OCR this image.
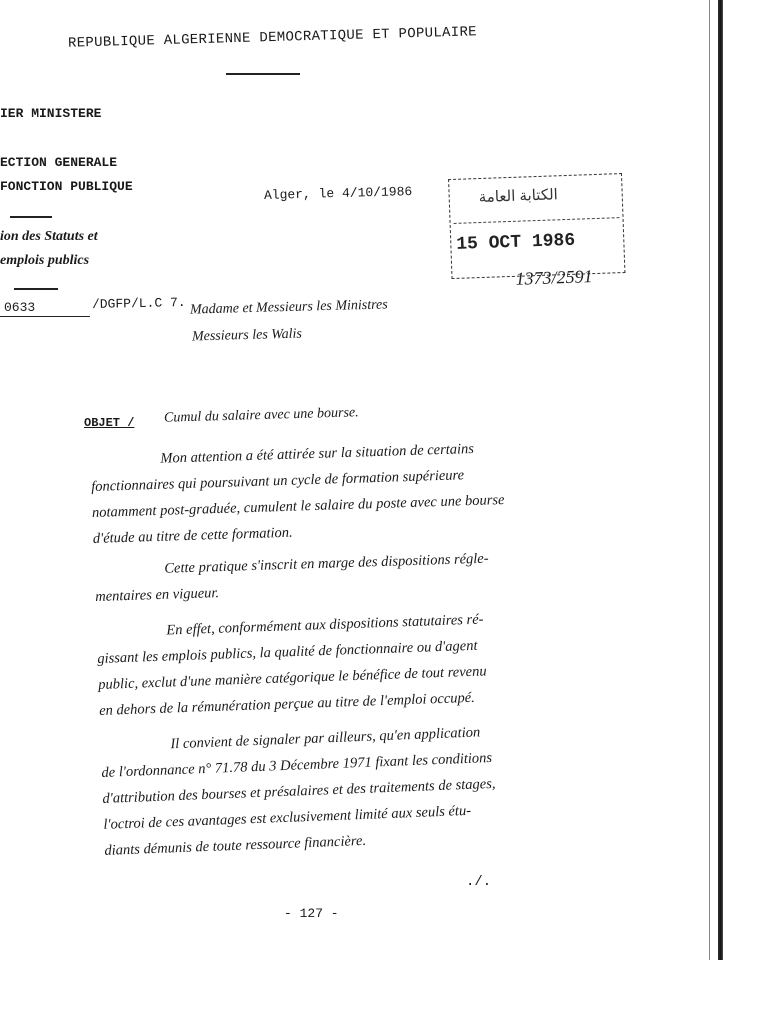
REPUBLIQUE ALGERIENNE DEMOCRATIQUE ET POPULAIRE
IER MINISTERE
ECTION GENERALE
FONCTION PUBLIQUE
ion des Statuts et
emplois publics
0633	/DGFP/L.C 7.
Alger, le 4/10/1986	الكتابة العامة
15 OCT 1986
1373/2591
Madame et Messieurs les Ministres
Messieurs les Walis
OBJET / Cumul du salaire avec une bourse.
Mon attention a été attirée sur la situation de certains
fonctionnaires qui poursuivant un cycle de formation supérieure
notamment post-graduée, cumulent le salaire du poste avec une bourse
d'étude au titre de cette formation.
Cette pratique s'inscrit en marge des dispositions régle-
mentaires en vigueur.
En effet, conformément aux dispositions statutaires ré-
gissant les emplois publics, la qualité de fonctionnaire ou d'agent
public, exclut d'une manière catégorique le bénéfice de tout revenu
en dehors de la rémunération perçue au titre de l'emploi occupé.
Il convient de signaler par ailleurs, qu'en application
de l'ordonnance n° 71.78 du 3 Décembre 1971 fixant les conditions
d'attribution des bourses et présalaires et des traitements de stages,
l'octroi de ces avantages est exclusivement limité aux seuls étu-
diants démunis de toute ressource financière.
./.
- 127 -
